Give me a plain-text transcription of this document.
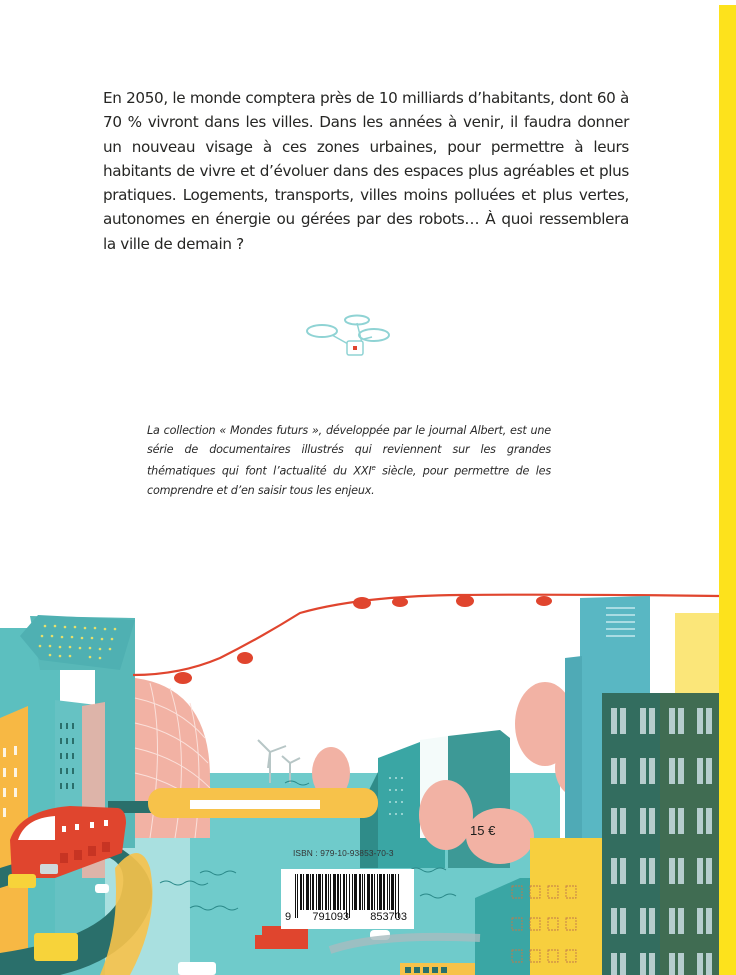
En 2050, le monde comptera près de 10 milliards d’habitants, dont 60 à 70 % vivront dans les villes. Dans les années à venir, il faudra donner un nouveau visage à ces zones urbaines, pour permettre à leurs habitants de vivre et d’évoluer dans des espaces plus agréables et plus pratiques. Logements, transports, villes moins polluées et plus vertes, autonomes en énergie ou gérées par des robots… À quoi ressemblera la ville de demain ?

La collection « Mondes futurs », développée par le journal Albert, est une série de documentaires illustrés qui reviennent sur les grandes thématiques qui font l’actualité du XXIe siècle, pour permettre de les comprendre et d’en saisir tous les enjeux.
15 €
ISBN : 979-10-93853-70-3
9 791093 853703
